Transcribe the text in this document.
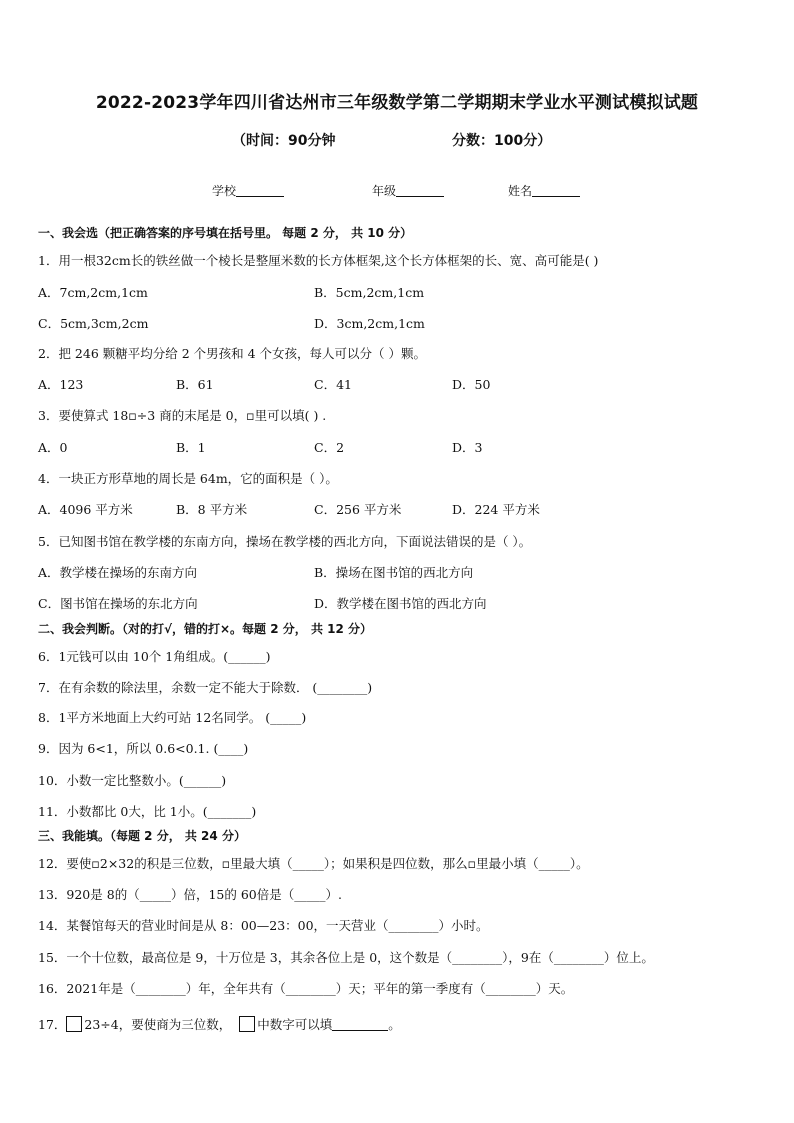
2022-2023学年四川省达州市三年级数学第二学期期末学业水平测试模拟试题
（时间：90分钟	分数：100分）
学校	年级	姓名
一、我会选（把正确答案的序号填在括号里。 每题 2 分， 共 10 分）
1．用一根32cm长的铁丝做一个棱长是整厘米数的长方体框架,这个长方体框架的长、宽、高可能是( )
A．7cm,2cm,1cm	B．5cm,2cm,1cm
C．5cm,3cm,2cm	D．3cm,2cm,1cm
2．把 246 颗糖平均分给 2 个男孩和 4 个女孩，每人可以分（ ）颗。
A．123	B．61	C．41	D．50
3．要使算式 18▫÷3 商的末尾是 0，▫里可以填( ) .
A．0	B．1	C．2	D．3
4．一块正方形草地的周长是 64m，它的面积是（ ）。
A．4096 平方米	B．8 平方米	C．256 平方米	D．224 平方米
5．已知图书馆在教学楼的东南方向，操场在教学楼的西北方向，下面说法错误的是（ ）。
A．教学楼在操场的东南方向	B．操场在图书馆的西北方向
C．图书馆在操场的东北方向	D．教学楼在图书馆的西北方向
二、我会判断。（对的打√，错的打×。每题 2 分， 共 12 分）
6．1元钱可以由 10个 1角组成。(______)
7．在有余数的除法里，余数一定不能大于除数． (________)
8．1平方米地面上大约可站 12名同学。 (_____)
9．因为 6<1，所以 0.6<0.1. (____)
10．小数一定比整数小。(______)
11．小数都比 0大，比 1小。(_______)
三、我能填。（每题 2 分， 共 24 分）
12．要使▫2×32的积是三位数，▫里最大填（_____）；如果积是四位数，那么▫里最小填（_____）。
13．920是 8的（_____）倍，15的 60倍是（_____）.
14．某餐馆每天的营业时间是从 8：00—23：00，一天营业（________）小时。
15．一个十位数，最高位是 9，十万位是 3，其余各位上是 0，这个数是（________），9在（________）位上。
16．2021年是（________）年，全年共有（________）天；平年的第一季度有（________）天。
17． 23÷4，要使商为三位数， 中数字可以填	。
